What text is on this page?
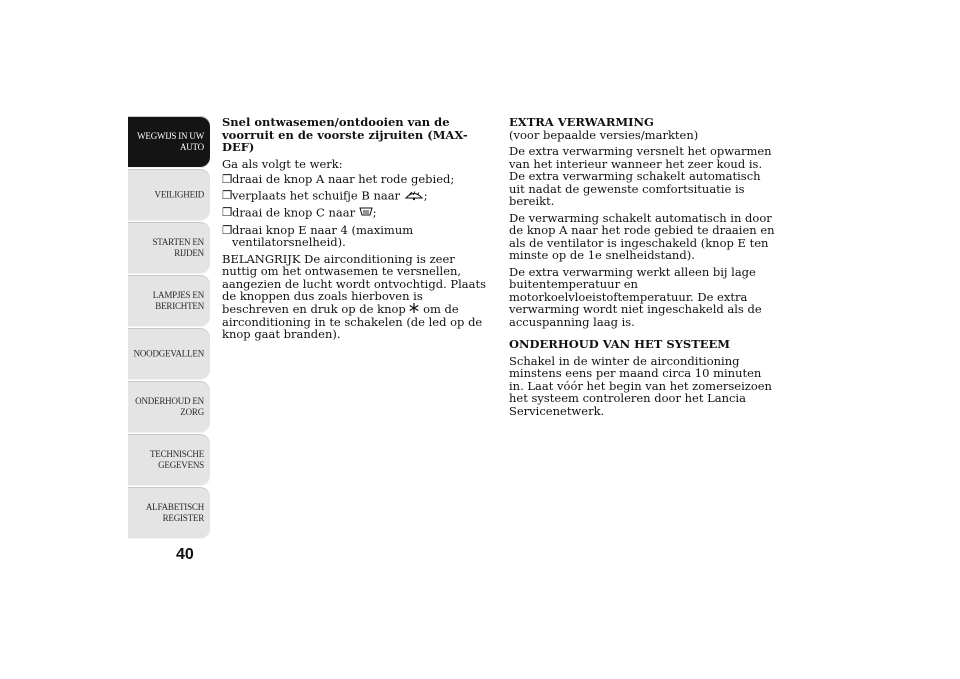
WEGWIJS IN UW AUTO
VEILIGHEID
STARTEN EN RIJDEN
LAMPJES EN BERICHTEN
NOODGEVALLEN
ONDERHOUD EN ZORG
TECHNISCHE GEGEVENS
ALFABETISCH REGISTER
40

Snel ontwasemen/ontdooien van de voorruit en de voorste zijruiten (MAX-DEF)

Ga als volgt te werk:

❒ draai de knop A naar het rode gebied;
❒ verplaats het schuifje B naar ;
❒ draai de knop C naar ;
❒ draai knop E naar 4 (maximum ventilatorsnelheid).

BELANGRIJK De airconditioning is zeer nuttig om het ontwasemen te versnellen, aangezien de lucht wordt ontvochtigd. Plaats de knoppen dus zoals hierboven is beschreven en druk op de knop om de airconditioning in te schakelen (de led op de knop gaat branden).

EXTRA VERWARMING

(voor bepaalde versies/markten)

De extra verwarming versnelt het opwarmen van het interieur wanneer het zeer koud is. De extra verwarming schakelt automatisch uit nadat de gewenste comfortsituatie is bereikt.

De verwarming schakelt automatisch in door de knop A naar het rode gebied te draaien en als de ventilator is ingeschakeld (knop E ten minste op de 1e snelheidstand).

De extra verwarming werkt alleen bij lage buitentemperatuur en motorkoelvloeistoftemperatuur. De extra verwarming wordt niet ingeschakeld als de accuspanning laag is.

ONDERHOUD VAN HET SYSTEEM

Schakel in de winter de airconditioning minstens eens per maand circa 10 minuten in. Laat vóór het begin van het zomerseizoen het systeem controleren door het Lancia Servicenetwerk.
